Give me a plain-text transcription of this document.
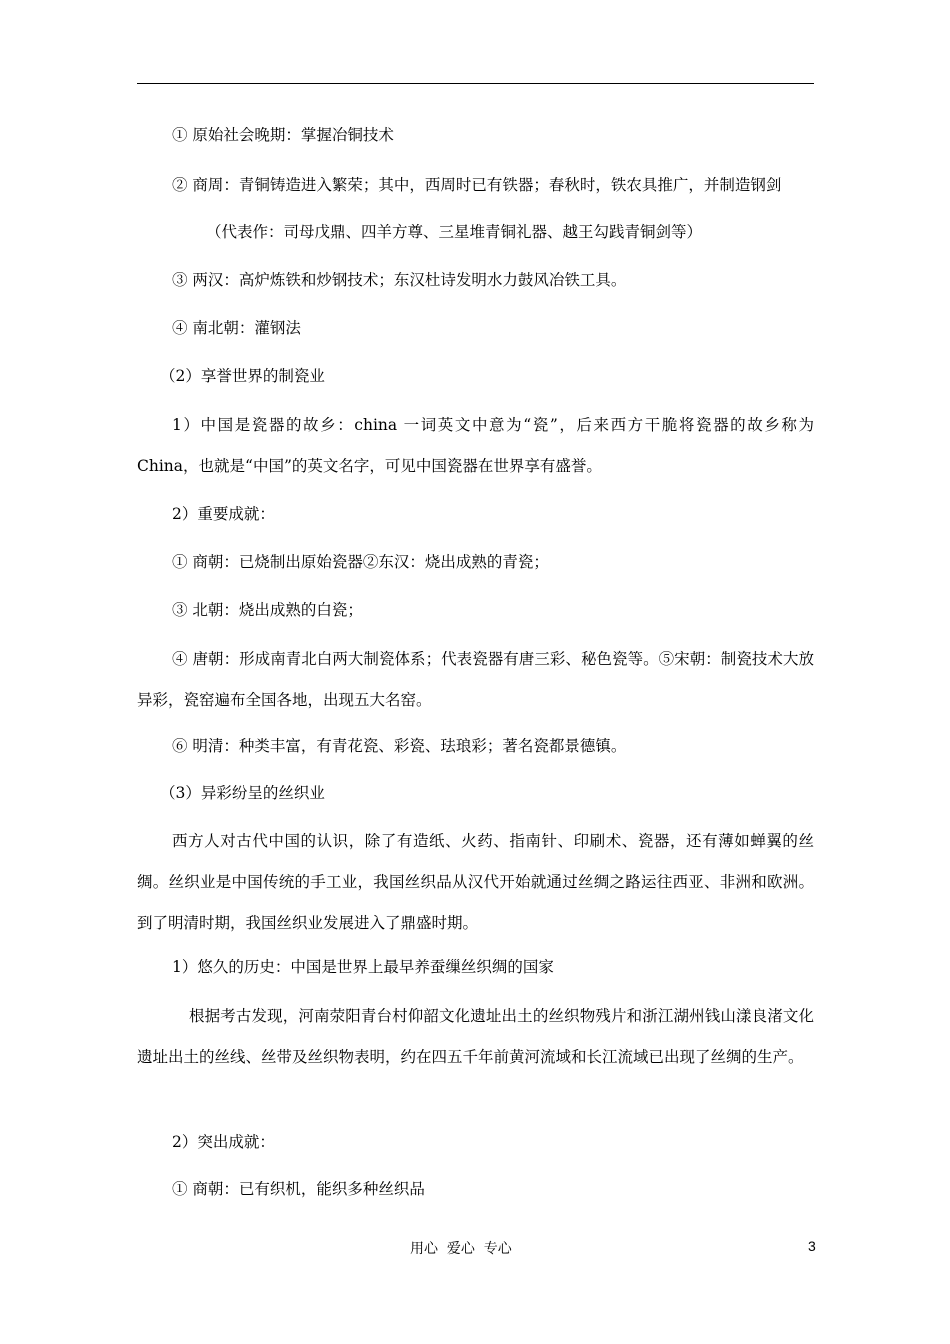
① 原始社会晚期：掌握冶铜技术

② 商周：青铜铸造进入繁荣；其中，西周时已有铁器；春秋时，铁农具推广，并制造钢剑

（代表作：司母戊鼎、四羊方尊、三星堆青铜礼器、越王勾践青铜剑等）

③ 两汉：高炉炼铁和炒钢技术；东汉杜诗发明水力鼓风冶铁工具。

④ 南北朝：灌钢法

（2）享誉世界的制瓷业

1）中国是瓷器的故乡：china 一词英文中意为“瓷”，后来西方干脆将瓷器的故乡称为China，也就是“中国”的英文名字，可见中国瓷器在世界享有盛誉。

2）重要成就：

① 商朝：已烧制出原始瓷器②东汉：烧出成熟的青瓷；

③ 北朝：烧出成熟的白瓷；

④ 唐朝：形成南青北白两大制瓷体系；代表瓷器有唐三彩、秘色瓷等。⑤宋朝：制瓷技术大放异彩，瓷窑遍布全国各地，出现五大名窑。

⑥ 明清：种类丰富，有青花瓷、彩瓷、珐琅彩；著名瓷都景德镇。

（3）异彩纷呈的丝织业

西方人对古代中国的认识，除了有造纸、火药、指南针、印刷术、瓷器，还有薄如蝉翼的丝绸。丝织业是中国传统的手工业，我国丝织品从汉代开始就通过丝绸之路运往西亚、非洲和欧洲。到了明清时期，我国丝织业发展进入了鼎盛时期。

1）悠久的历史：中国是世界上最早养蚕缫丝织绸的国家

根据考古发现，河南荥阳青台村仰韶文化遗址出土的丝织物残片和浙江湖州钱山漾良渚文化遗址出土的丝线、丝带及丝织物表明，约在四五千年前黄河流域和长江流域已出现了丝绸的生产。

2）突出成就：

① 商朝：已有织机，能织多种丝织品

用心  爱心  专心	3
